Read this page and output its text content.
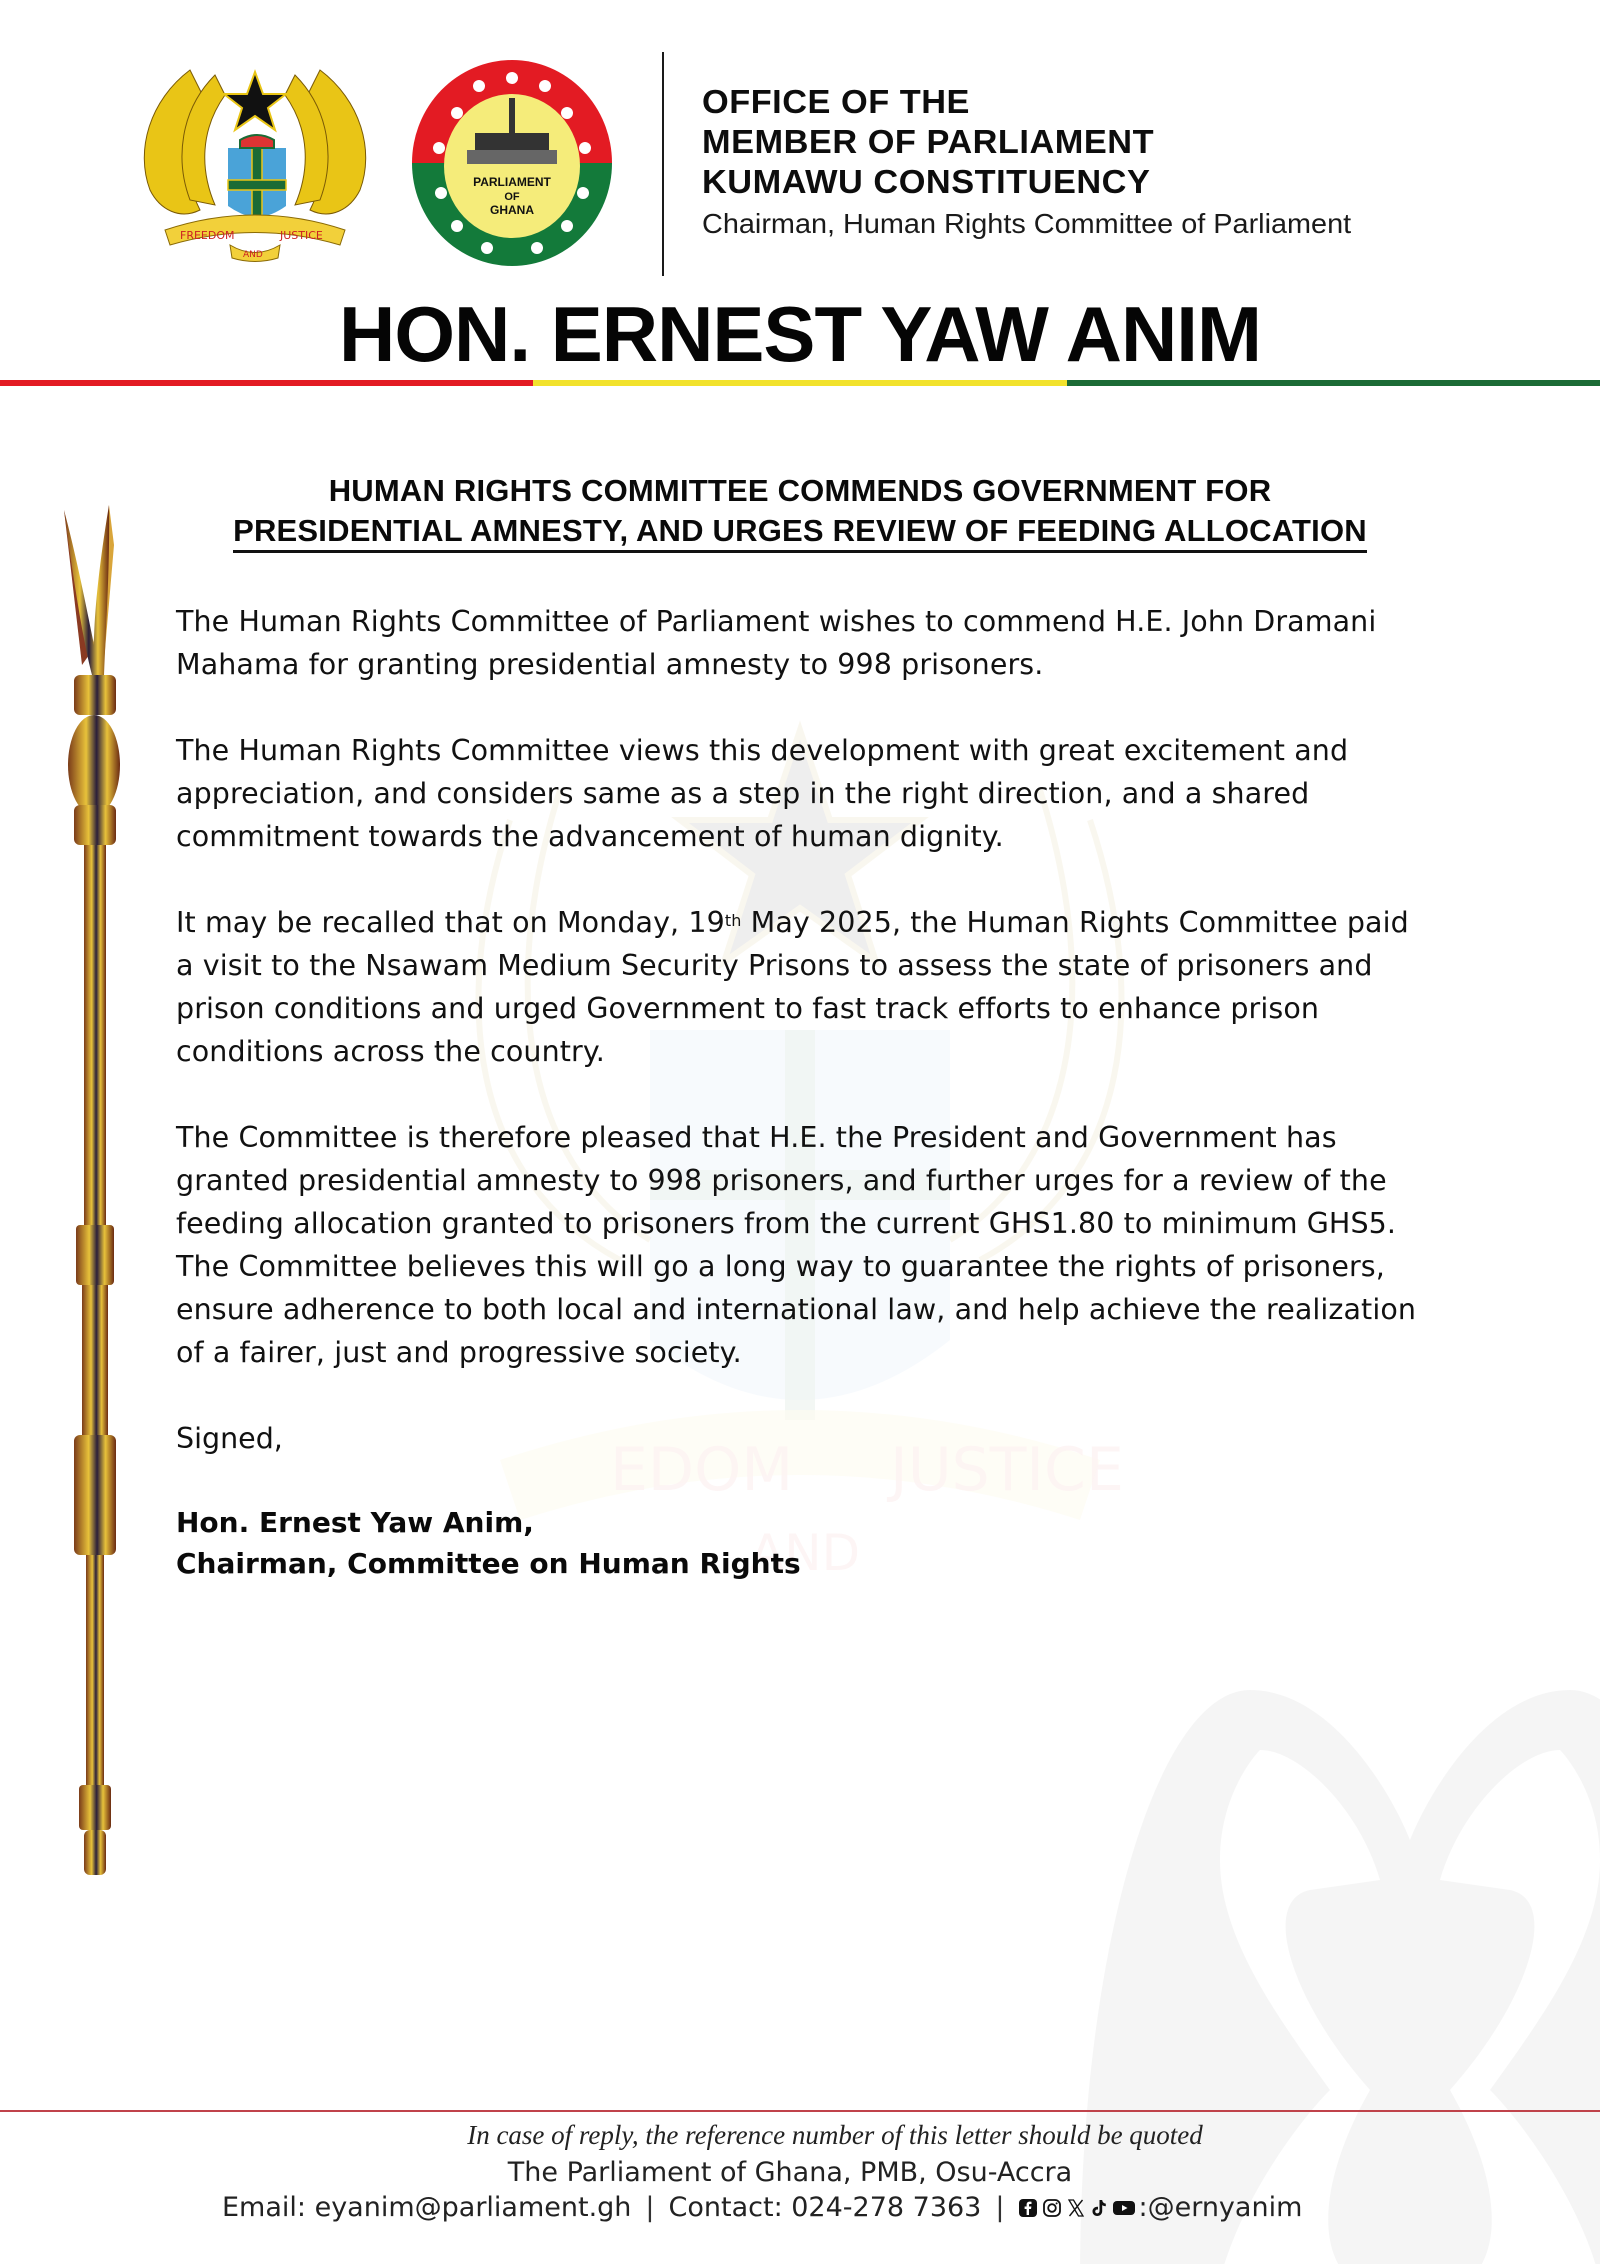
FREEDOM	JUSTICE
AND
PARLIAMENT
OF
GHANA
OFFICE OF THE
MEMBER OF PARLIAMENT
KUMAWU CONSTITUENCY
Chairman, Human Rights Committee of Parliament
HON. ERNEST YAW ANIM
HUMAN RIGHTS COMMITTEE COMMENDS GOVERNMENT FOR
PRESIDENTIAL AMNESTY, AND URGES REVIEW OF FEEDING ALLOCATION

The Human Rights Committee of Parliament wishes to commend H.E. John Dramani Mahama for granting presidential amnesty to 998 prisoners.

The Human Rights Committee views this development with great excitement and appreciation, and considers same as a step in the right direction, and a shared commitment towards the advancement of human dignity.

It may be recalled that on Monday, 19th May 2025, the Human Rights Committee paid a visit to the Nsawam Medium Security Prisons to assess the state of prisoners and prison conditions and urged Government to fast track efforts to enhance prison conditions across the country.

The Committee is therefore pleased that H.E. the President and Government has granted presidential amnesty to 998 prisoners, and further urges for a review of the feeding allocation granted to prisoners from the current GHS1.80 to minimum GHS5. The Committee believes this will go a long way to guarantee the rights of prisoners, ensure adherence to both local and international law, and help achieve the realization of a fairer, just and progressive society.

Signed,

Hon. Ernest Yaw Anim,
Chairman, Committee on Human Rights
In case of reply, the reference number of this letter should be quoted
The Parliament of Ghana, PMB, Osu-Accra
Email: eyanim@parliament.gh | Contact: 024-278 7363 |	:@ernyanim
